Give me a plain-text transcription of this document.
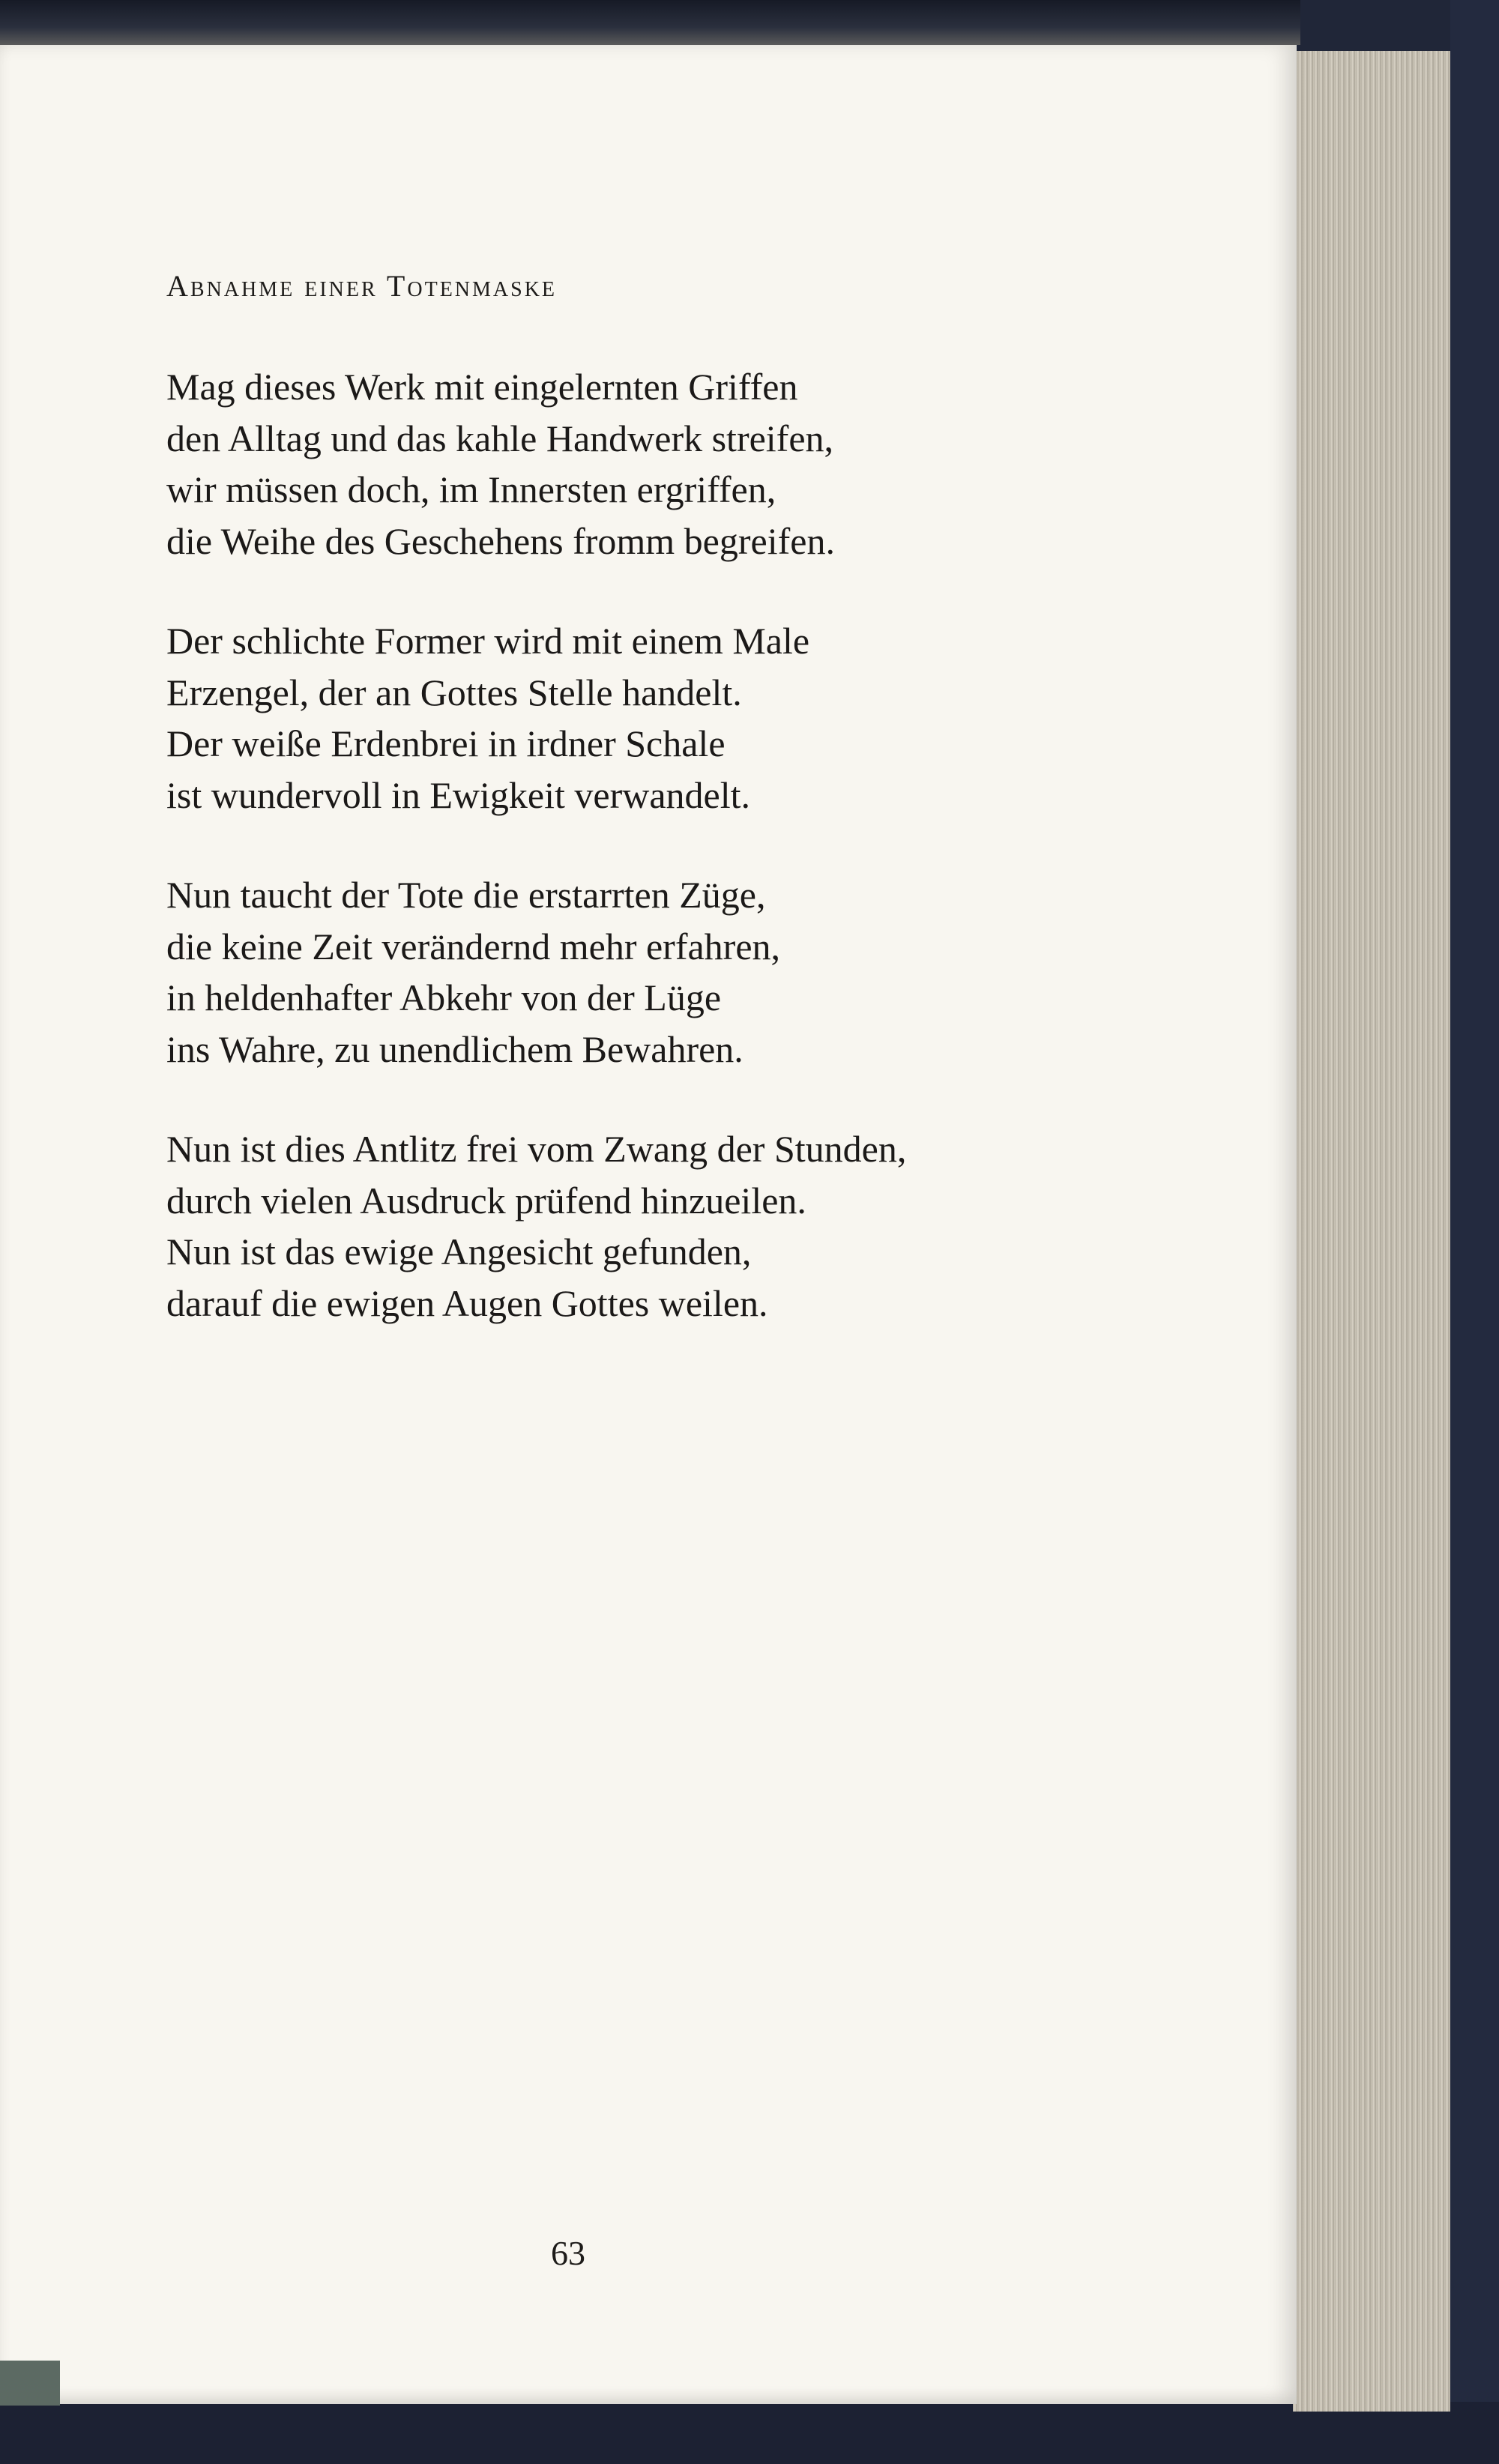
Abnahme einer Totenmaske
Mag dieses Werk mit eingelernten Griffen
den Alltag und das kahle Handwerk streifen,
wir müssen doch, im Innersten ergriffen,
die Weihe des Geschehens fromm begreifen.
Der schlichte Former wird mit einem Male
Erzengel, der an Gottes Stelle handelt.
Der weiße Erdenbrei in irdner Schale
ist wundervoll in Ewigkeit verwandelt.
Nun taucht der Tote die erstarrten Züge,
die keine Zeit verändernd mehr erfahren,
in heldenhafter Abkehr von der Lüge
ins Wahre, zu unendlichem Bewahren.
Nun ist dies Antlitz frei vom Zwang der Stunden,
durch vielen Ausdruck prüfend hinzueilen.
Nun ist das ewige Angesicht gefunden,
darauf die ewigen Augen Gottes weilen.
63
